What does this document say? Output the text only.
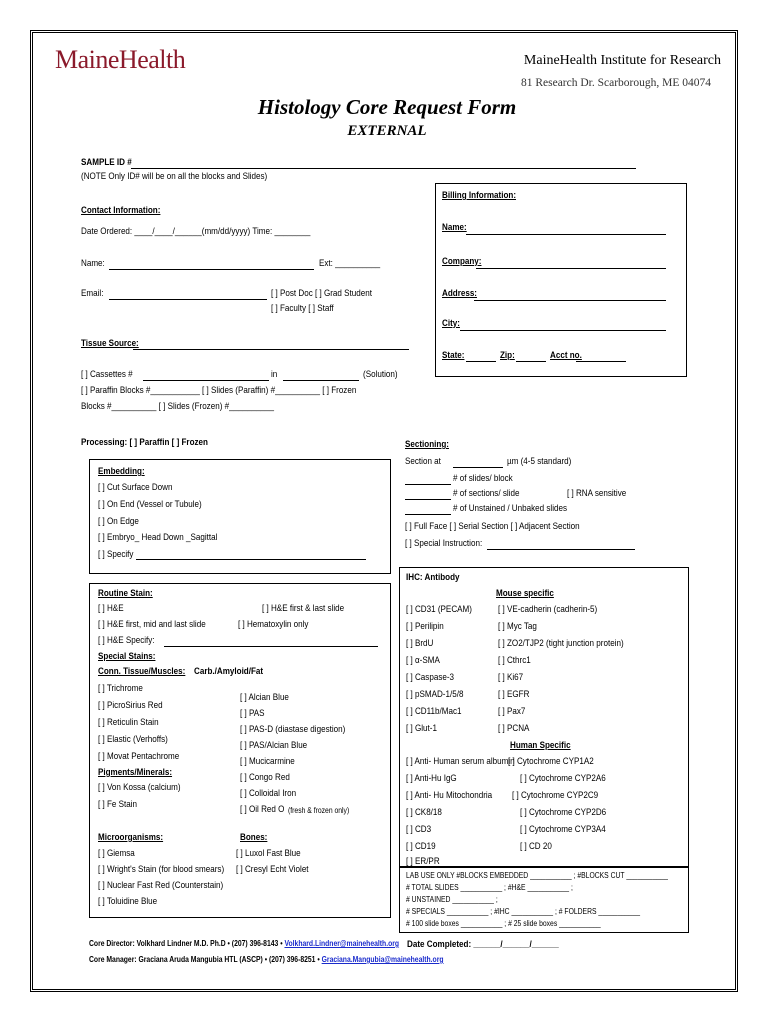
MaineHealth	MaineHealth Institute for Research
81 Research Dr. Scarborough, ME 04074
Histology Core Request Form
EXTERNAL
SAMPLE ID #
(NOTE Only ID# will be on all the blocks and Slides)
Contact Information:
Date Ordered: ____/____/______(mm/dd/yyyy) Time: ________
Name:	Ext: __________
Email:	[ ] Post Doc [ ] Grad Student
[ ] Faculty [ ] Staff
Billing Information:
Name:
Company:
Address:
City:
State:	Zip:	Acct no.
Tissue Source:
[ ] Cassettes #	in	(Solution)
[ ] Paraffin Blocks #___________ [ ] Slides (Paraffin) #__________ [ ] Frozen
Blocks #__________ [ ] Slides (Frozen) #__________
Processing: [ ] Paraffin [ ] Frozen
Embedding:
[ ] Cut Surface Down
[ ] On End (Vessel or Tubule)
[ ] On Edge
[ ] Embryo_ Head Down _Sagittal
[ ] Specify
Sectioning:
Section at	µm (4-5 standard)
# of slides/ block
# of sections/ slide	[ ] RNA sensitive
# of Unstained / Unbaked slides
[ ] Full Face [ ] Serial Section [ ] Adjacent Section
[ ] Special Instruction:
Routine Stain:
[ ] H&E	[ ] H&E first & last slide
[ ] H&E first, mid and last slide	[ ] Hematoxylin only
[ ] H&E Specify:
Special Stains:
Conn. Tissue/Muscles: Carb./Amyloid/Fat
[ ] Trichrome
[ ] PicroSirius Red
[ ] Reticulin Stain
[ ] Elastic (Verhoffs)
[ ] Movat Pentachrome
Pigments/Minerals:
[ ] Von Kossa (calcium)
[ ] Fe Stain
[ ] Alcian Blue
[ ] PAS
[ ] PAS-D (diastase digestion)
[ ] PAS/Alcian Blue
[ ] Mucicarmine
[ ] Congo Red
[ ] Colloidal Iron
[ ] Oil Red O (fresh & frozen only)
Microorganisms:	Bones:
[ ] Giemsa
[ ] Wright's Stain (for blood smears)
[ ] Nuclear Fast Red (Counterstain)
[ ] Toluidine Blue
[ ] Luxol Fast Blue
[ ] Cresyl Echt Violet
IHC: Antibody
Mouse specific
[ ] CD31 (PECAM)
[ ] Perilipin
[ ] BrdU
[ ] α-SMA
[ ] Caspase-3
[ ] pSMAD-1/5/8
[ ] CD11b/Mac1
[ ] Glut-1
[ ] VE-cadherin (cadherin-5)
[ ] Myc Tag
[ ] ZO2/TJP2 (tight junction protein)
[ ] Cthrc1
[ ] Ki67
[ ] EGFR
[ ] Pax7
[ ] PCNA
Human Specific
[ ] Anti- Human serum albumin
[ ] Anti-Hu IgG
[ ] Anti- Hu Mitochondria
[ ] CK8/18
[ ] CD3
[ ] CD19
[ ] ER/PR
[ ] Cytochrome CYP1A2
[ ] Cytochrome CYP2A6
[ ] Cytochrome CYP2C9
[ ] Cytochrome CYP2D6
[ ] Cytochrome CYP3A4
[ ] CD 20
LAB USE ONLY #BLOCKS EMBEDDED ___________ ; #BLOCKS CUT ___________
# TOTAL SLIDES ___________ ; #H&E ___________ ;
# UNSTAINED ___________ ;
# SPECIALS ___________ ; #IHC ___________ ; # FOLDERS ___________
# 100 slide boxes ___________ ; # 25 slide boxes ___________
Core Director: Volkhard Lindner M.D. Ph.D • (207) 396-8143 • Volkhard.Lindner@mainehealth.org
Core Manager: Graciana Aruda Mangubia HTL (ASCP) • (207) 396-8251 • Graciana.Mangubia@mainehealth.org
Date Completed: ______/______/______
